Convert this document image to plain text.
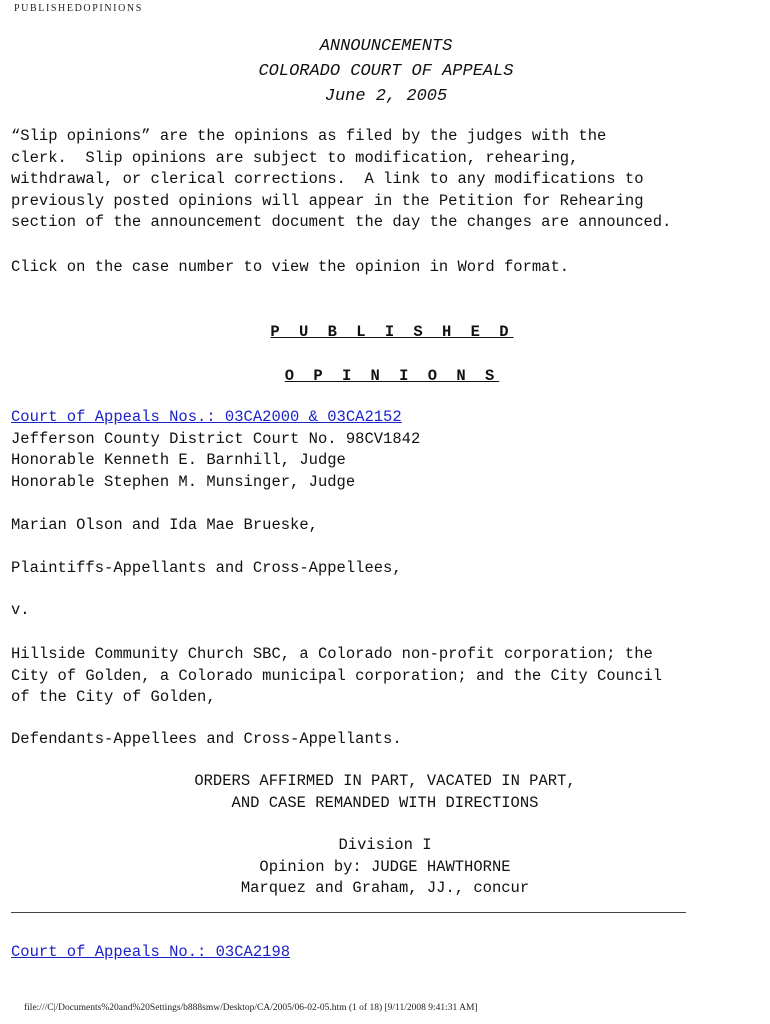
PUBLISHEDOPINIONS
ANNOUNCEMENTS
COLORADO COURT OF APPEALS
June 2, 2005
“Slip opinions” are the opinions as filed by the judges with the
clerk.  Slip opinions are subject to modification, rehearing,
withdrawal, or clerical corrections.  A link to any modifications to
previously posted opinions will appear in the Petition for Rehearing
section of the announcement document the day the changes are announced.
Click on the case number to view the opinion in Word format.
P U B L I S H E D
O P I N I O N S
Court of Appeals Nos.: 03CA2000 & 03CA2152
Jefferson County District Court No. 98CV1842
Honorable Kenneth E. Barnhill, Judge
Honorable Stephen M. Munsinger, Judge
Marian Olson and Ida Mae Brueske,
Plaintiffs-Appellants and Cross-Appellees,
v.
Hillside Community Church SBC, a Colorado non-profit corporation; the
City of Golden, a Colorado municipal corporation; and the City Council
of the City of Golden,
Defendants-Appellees and Cross-Appellants.
ORDERS AFFIRMED IN PART, VACATED IN PART,
AND CASE REMANDED WITH DIRECTIONS
Division I
Opinion by: JUDGE HAWTHORNE
Marquez and Graham, JJ., concur
Court of Appeals No.: 03CA2198
file:///C|/Documents%20and%20Settings/b888smw/Desktop/CA/2005/06-02-05.htm (1 of 18) [9/11/2008 9:41:31 AM]
